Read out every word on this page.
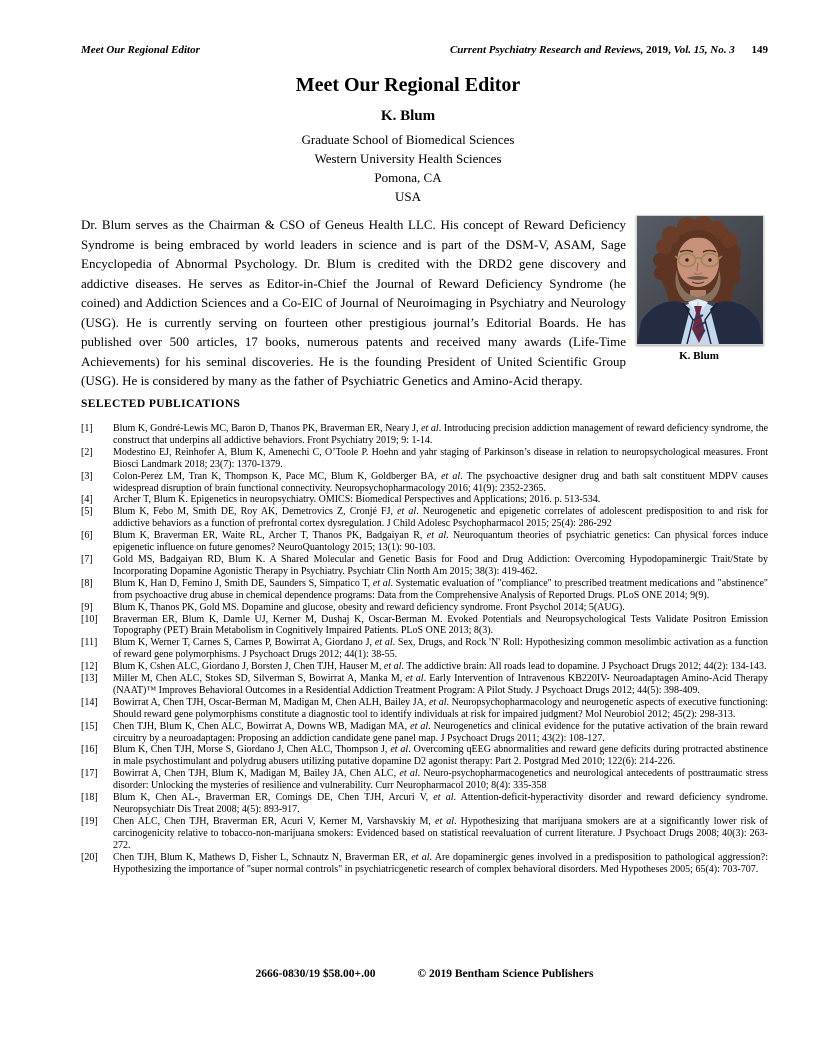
Meet Our Regional Editor	Current Psychiatry Research and Reviews, 2019, Vol. 15, No. 3 149
Meet Our Regional Editor
K. Blum
Graduate School of Biomedical Sciences
Western University Health Sciences
Pomona, CA
USA
K. Blum
Dr. Blum serves as the Chairman & CSO of Geneus Health LLC. His concept of Reward Deficiency Syndrome is being embraced by world leaders in science and is part of the DSM-V, ASAM, Sage Encyclopedia of Abnormal Psychology. Dr. Blum is credited with the DRD2 gene discovery and addictive diseases. He serves as Editor-in-Chief the Journal of Reward Deficiency Syndrome (he coined) and Addiction Sciences and a Co-EIC of Journal of Neuroimaging in Psychiatry and Neurology (USG). He is currently serving on fourteen other prestigious journal’s Editorial Boards. He has published over 500 articles, 17 books, numerous patents and received many awards (Life-Time Achievements) for his seminal discoveries. He is the founding President of United Scientific Group (USG). He is considered by many as the father of Psychiatric Genetics and Amino-Acid therapy.
SELECTED PUBLICATIONS
[1] Blum K, Gondré-Lewis MC, Baron D, Thanos PK, Braverman ER, Neary J, et al. Introducing precision addiction management of reward deficiency syndrome, the construct that underpins all addictive behaviors. Front Psychiatry 2019; 9: 1-14.
[2] Modestino EJ, Reinhofer A, Blum K, Amenechi C, O’Toole P. Hoehn and yahr staging of Parkinson’s disease in relation to neuropsychological measures. Front Biosci Landmark 2018; 23(7): 1370-1379.
[3] Colon-Perez LM, Tran K, Thompson K, Pace MC, Blum K, Goldberger BA, et al. The psychoactive designer drug and bath salt constituent MDPV causes widespread disruption of brain functional connectivity. Neuropsychopharmacology 2016; 41(9): 2352-2365.
[4] Archer T, Blum K. Epigenetics in neuropsychiatry. OMICS: Biomedical Perspectives and Applications; 2016. p. 513-534.
[5] Blum K, Febo M, Smith DE, Roy AK, Demetrovics Z, Cronjé FJ, et al. Neurogenetic and epigenetic correlates of adolescent predisposition to and risk for addictive behaviors as a function of prefrontal cortex dysregulation. J Child Adolesc Psychopharmacol 2015; 25(4): 286-292
[6] Blum K, Braverman ER, Waite RL, Archer T, Thanos PK, Badgaiyan R, et al. Neuroquantum theories of psychiatric genetics: Can physical forces induce epigenetic influence on future genomes? NeuroQuantology 2015; 13(1): 90-103.
[7] Gold MS, Badgaiyan RD, Blum K. A Shared Molecular and Genetic Basis for Food and Drug Addiction: Overcoming Hypodopaminergic Trait/State by Incorporating Dopamine Agonistic Therapy in Psychiatry. Psychiatr Clin North Am 2015; 38(3): 419-462.
[8] Blum K, Han D, Femino J, Smith DE, Saunders S, Simpatico T, et al. Systematic evaluation of "compliance" to prescribed treatment medications and "abstinence" from psychoactive drug abuse in chemical dependence programs: Data from the Comprehensive Analysis of Reported Drugs. PLoS ONE 2014; 9(9).
[9] Blum K, Thanos PK, Gold MS. Dopamine and glucose, obesity and reward deficiency syndrome. Front Psychol 2014; 5(AUG).
[10] Braverman ER, Blum K, Damle UJ, Kerner M, Dushaj K, Oscar-Berman M. Evoked Potentials and Neuropsychological Tests Validate Positron Emission Topography (PET) Brain Metabolism in Cognitively Impaired Patients. PLoS ONE 2013; 8(3).
[11] Blum K, Werner T, Carnes S, Carnes P, Bowirrat A, Giordano J, et al. Sex, Drugs, and Rock 'N' Roll: Hypothesizing common mesolimbic activation as a function of reward gene polymorphisms. J Psychoact Drugs 2012; 44(1): 38-55.
[12] Blum K, Cshen ALC, Giordano J, Borsten J, Chen TJH, Hauser M, et al. The addictive brain: All roads lead to dopamine. J Psychoact Drugs 2012; 44(2): 134-143.
[13] Miller M, Chen ALC, Stokes SD, Silverman S, Bowirrat A, Manka M, et al. Early Intervention of Intravenous KB220IV- Neuroadaptagen Amino-Acid Therapy (NAAT)™ Improves Behavioral Outcomes in a Residential Addiction Treatment Program: A Pilot Study. J Psychoact Drugs 2012; 44(5): 398-409.
[14] Bowirrat A, Chen TJH, Oscar-Berman M, Madigan M, Chen ALH, Bailey JA, et al. Neuropsychopharmacology and neurogenetic aspects of executive functioning: Should reward gene polymorphisms constitute a diagnostic tool to identify individuals at risk for impaired judgment? Mol Neurobiol 2012; 45(2): 298-313.
[15] Chen TJH, Blum K, Chen ALC, Bowirrat A, Downs WB, Madigan MA, et al. Neurogenetics and clinical evidence for the putative activation of the brain reward circuitry by a neuroadaptagen: Proposing an addiction candidate gene panel map. J Psychoact Drugs 2011; 43(2): 108-127.
[16] Blum K, Chen TJH, Morse S, Giordano J, Chen ALC, Thompson J, et al. Overcoming qEEG abnormalities and reward gene deficits during protracted abstinence in male psychostimulant and polydrug abusers utilizing putative dopamine D2 agonist therapy: Part 2. Postgrad Med 2010; 122(6): 214-226.
[17] Bowirrat A, Chen TJH, Blum K, Madigan M, Bailey JA, Chen ALC, et al. Neuro-psychopharmacogenetics and neurological antecedents of posttraumatic stress disorder: Unlocking the mysteries of resilience and vulnerability. Curr Neuropharmacol 2010; 8(4): 335-358
[18] Blum K, Chen AL-, Braverman ER, Comings DE, Chen TJH, Arcuri V, et al. Attention-deficit-hyperactivity disorder and reward deficiency syndrome. Neuropsychiatr Dis Treat 2008; 4(5): 893-917.
[19] Chen ALC, Chen TJH, Braverman ER, Acuri V, Kerner M, Varshavskiy M, et al. Hypothesizing that marijuana smokers are at a significantly lower risk of carcinogenicity relative to tobacco-non-marijuana smokers: Evidenced based on statistical reevaluation of current literature. J Psychoact Drugs 2008; 40(3): 263-272.
[20] Chen TJH, Blum K, Mathews D, Fisher L, Schnautz N, Braverman ER, et al. Are dopaminergic genes involved in a predisposition to pathological aggression?: Hypothesizing the importance of "super normal controls" in psychiatricgenetic research of complex behavioral disorders. Med Hypotheses 2005; 65(4): 703-707.
2666-0830/19 $58.00+.00	© 2019 Bentham Science Publishers
